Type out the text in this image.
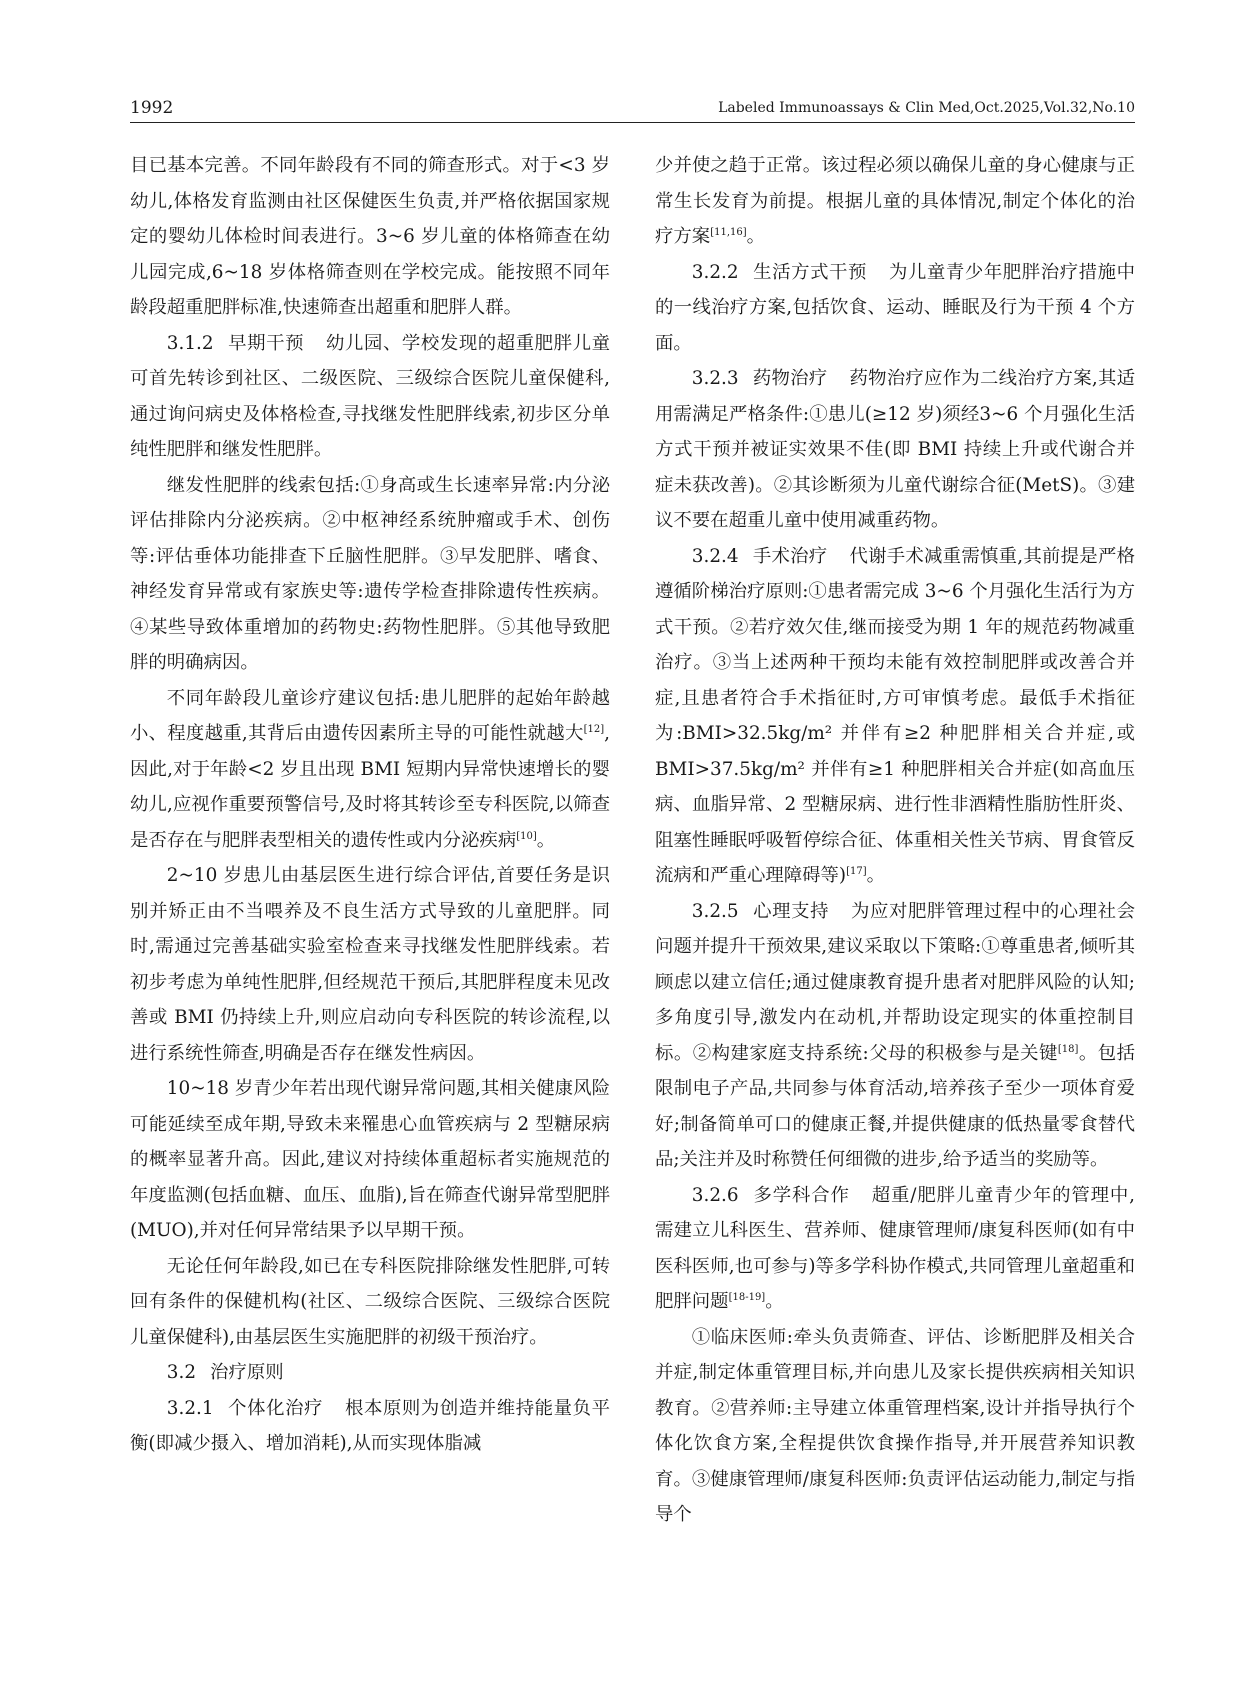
1992	Labeled Immunoassays & Clin Med,Oct.2025,Vol.32,No.10

目已基本完善。不同年龄段有不同的筛查形式。对于<3 岁幼儿,体格发育监测由社区保健医生负责,并严格依据国家规定的婴幼儿体检时间表进行。3~6 岁儿童的体格筛查在幼儿园完成,6~18 岁体格筛查则在学校完成。能按照不同年龄段超重肥胖标准,快速筛查出超重和肥胖人群。

3.1.2 早期干预 幼儿园、学校发现的超重肥胖儿童可首先转诊到社区、二级医院、三级综合医院儿童保健科,通过询问病史及体格检查,寻找继发性肥胖线索,初步区分单纯性肥胖和继发性肥胖。

继发性肥胖的线索包括:①身高或生长速率异常:内分泌评估排除内分泌疾病。②中枢神经系统肿瘤或手术、创伤等:评估垂体功能排查下丘脑性肥胖。③早发肥胖、嗜食、神经发育异常或有家族史等:遗传学检查排除遗传性疾病。④某些导致体重增加的药物史:药物性肥胖。⑤其他导致肥胖的明确病因。

不同年龄段儿童诊疗建议包括:患儿肥胖的起始年龄越小、程度越重,其背后由遗传因素所主导的可能性就越大[12],因此,对于年龄<2 岁且出现 BMI 短期内异常快速增长的婴幼儿,应视作重要预警信号,及时将其转诊至专科医院,以筛查是否存在与肥胖表型相关的遗传性或内分泌疾病[10]。

2~10 岁患儿由基层医生进行综合评估,首要任务是识别并矫正由不当喂养及不良生活方式导致的儿童肥胖。同时,需通过完善基础实验室检查来寻找继发性肥胖线索。若初步考虑为单纯性肥胖,但经规范干预后,其肥胖程度未见改善或 BMI 仍持续上升,则应启动向专科医院的转诊流程,以进行系统性筛查,明确是否存在继发性病因。

10~18 岁青少年若出现代谢异常问题,其相关健康风险可能延续至成年期,导致未来罹患心血管疾病与 2 型糖尿病的概率显著升高。因此,建议对持续体重超标者实施规范的年度监测(包括血糖、血压、血脂),旨在筛查代谢异常型肥胖(MUO),并对任何异常结果予以早期干预。

无论任何年龄段,如已在专科医院排除继发性肥胖,可转回有条件的保健机构(社区、二级综合医院、三级综合医院儿童保健科),由基层医生实施肥胖的初级干预治疗。

3.2 治疗原则

3.2.1 个体化治疗 根本原则为创造并维持能量负平衡(即减少摄入、增加消耗),从而实现体脂减

少并使之趋于正常。该过程必须以确保儿童的身心健康与正常生长发育为前提。根据儿童的具体情况,制定个体化的治疗方案[11,16]。

3.2.2 生活方式干预 为儿童青少年肥胖治疗措施中的一线治疗方案,包括饮食、运动、睡眠及行为干预 4 个方面。

3.2.3 药物治疗 药物治疗应作为二线治疗方案,其适用需满足严格条件:①患儿(≥12 岁)须经3~6 个月强化生活方式干预并被证实效果不佳(即 BMI 持续上升或代谢合并症未获改善)。②其诊断须为儿童代谢综合征(MetS)。③建议不要在超重儿童中使用减重药物。

3.2.4 手术治疗 代谢手术减重需慎重,其前提是严格遵循阶梯治疗原则:①患者需完成 3~6 个月强化生活行为方式干预。②若疗效欠佳,继而接受为期 1 年的规范药物减重治疗。③当上述两种干预均未能有效控制肥胖或改善合并症,且患者符合手术指征时,方可审慎考虑。最低手术指征为:BMI>32.5kg/m² 并伴有≥2 种肥胖相关合并症,或 BMI>37.5kg/m² 并伴有≥1 种肥胖相关合并症(如高血压病、血脂异常、2 型糖尿病、进行性非酒精性脂肪性肝炎、阻塞性睡眠呼吸暂停综合征、体重相关性关节病、胃食管反流病和严重心理障碍等)[17]。

3.2.5 心理支持 为应对肥胖管理过程中的心理社会问题并提升干预效果,建议采取以下策略:①尊重患者,倾听其顾虑以建立信任;通过健康教育提升患者对肥胖风险的认知;多角度引导,激发内在动机,并帮助设定现实的体重控制目标。②构建家庭支持系统:父母的积极参与是关键[18]。包括限制电子产品,共同参与体育活动,培养孩子至少一项体育爱好;制备简单可口的健康正餐,并提供健康的低热量零食替代品;关注并及时称赞任何细微的进步,给予适当的奖励等。

3.2.6 多学科合作 超重/肥胖儿童青少年的管理中,需建立儿科医生、营养师、健康管理师/康复科医师(如有中医科医师,也可参与)等多学科协作模式,共同管理儿童超重和肥胖问题[18-19]。

①临床医师:牵头负责筛查、评估、诊断肥胖及相关合并症,制定体重管理目标,并向患儿及家长提供疾病相关知识教育。②营养师:主导建立体重管理档案,设计并指导执行个体化饮食方案,全程提供饮食操作指导,并开展营养知识教育。③健康管理师/康复科医师:负责评估运动能力,制定与指导个
